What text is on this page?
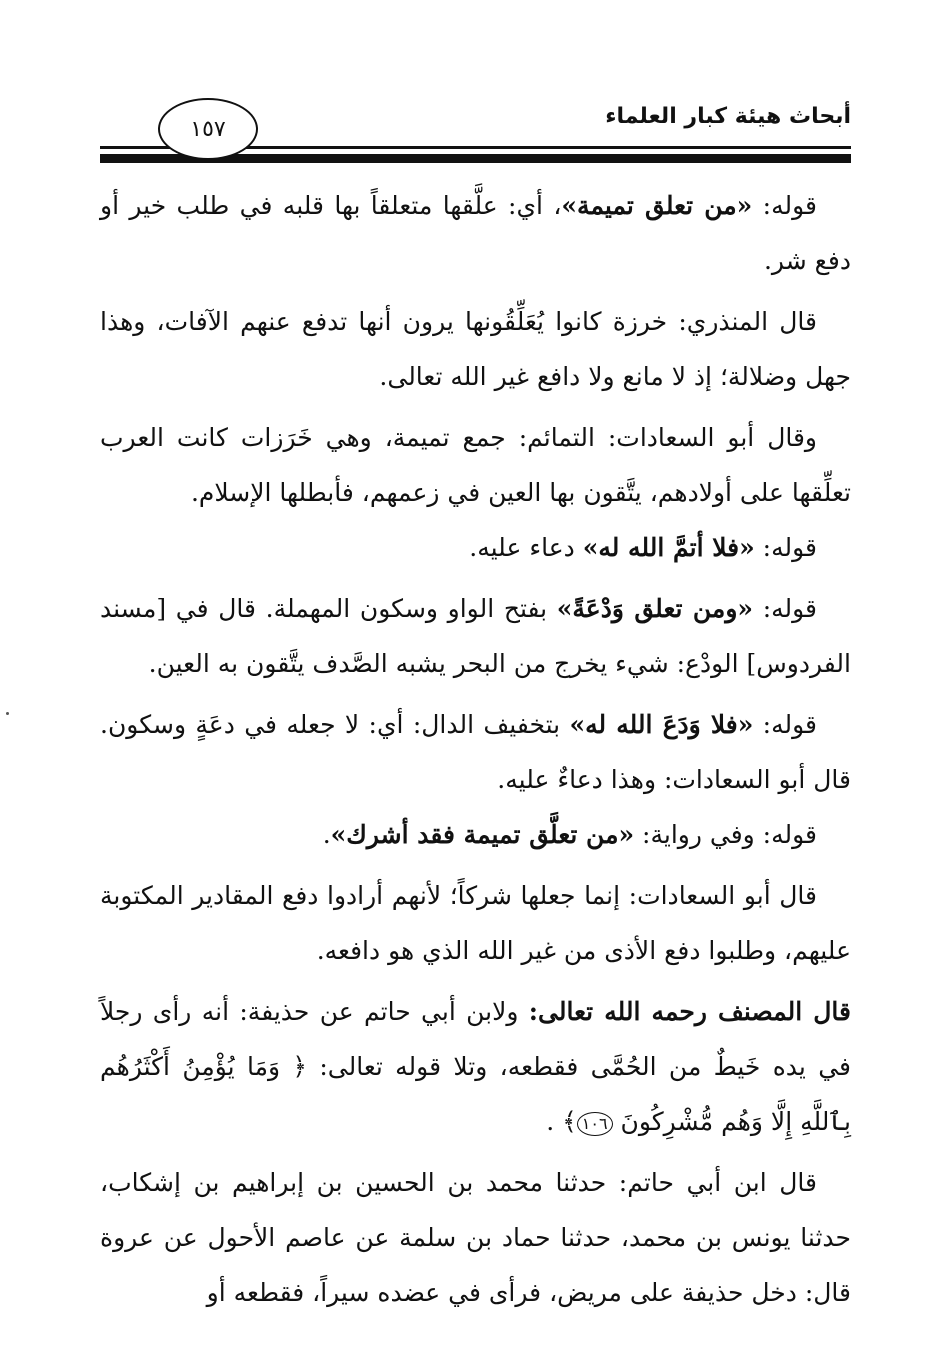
أبحاث هيئة كبار العلماء
١٥٧

قوله: «من تعلق تميمة»، أي: علَّقها متعلقاً بها قلبه في طلب خير أو دفع شر.

قال المنذري: خرزة كانوا يُعَلِّقُونها يرون أنها تدفع عنهم الآفات، وهذا جهل وضلالة؛ إذ لا مانع ولا دافع غير الله تعالى.

وقال أبو السعادات: التمائم: جمع تميمة، وهي خَرَزات كانت العرب تعلِّقها على أولادهم، يتَّقون بها العين في زعمهم، فأبطلها الإسلام.

قوله: «فلا أتمَّ الله له» دعاء عليه.

قوله: «ومن تعلق وَدْعَةً» بفتح الواو وسكون المهملة. قال في [مسند الفردوس] الودْع: شيء يخرج من البحر يشبه الصَّدف يتَّقون به العين.

قوله: «فلا وَدَعَ الله له» بتخفيف الدال: أي: لا جعله في دعَةٍ وسكون. قال أبو السعادات: وهذا دعاءٌ عليه.

قوله: وفي رواية: «من تعلَّق تميمة فقد أشرك».

قال أبو السعادات: إنما جعلها شركاً؛ لأنهم أرادوا دفع المقادير المكتوبة عليهم، وطلبوا دفع الأذى من غير الله الذي هو دافعه.

قال المصنف رحمه الله تعالى: ولابن أبي حاتم عن حذيفة: أنه رأى رجلاً في يده خَيطٌ من الحُمَّى فقطعه، وتلا قوله تعالى: ﴿ وَمَا يُؤْمِنُ أَكْثَرُهُم بِٱللَّهِ إِلَّا وَهُم مُّشْرِكُونَ ١٠٦﴾ .

قال ابن أبي حاتم: حدثنا محمد بن الحسين بن إبراهيم بن إشكاب، حدثنا يونس بن محمد، حدثنا حماد بن سلمة عن عاصم الأحول عن عروة قال: دخل حذيفة على مريض، فرأى في عضده سيراً، فقطعه أو
